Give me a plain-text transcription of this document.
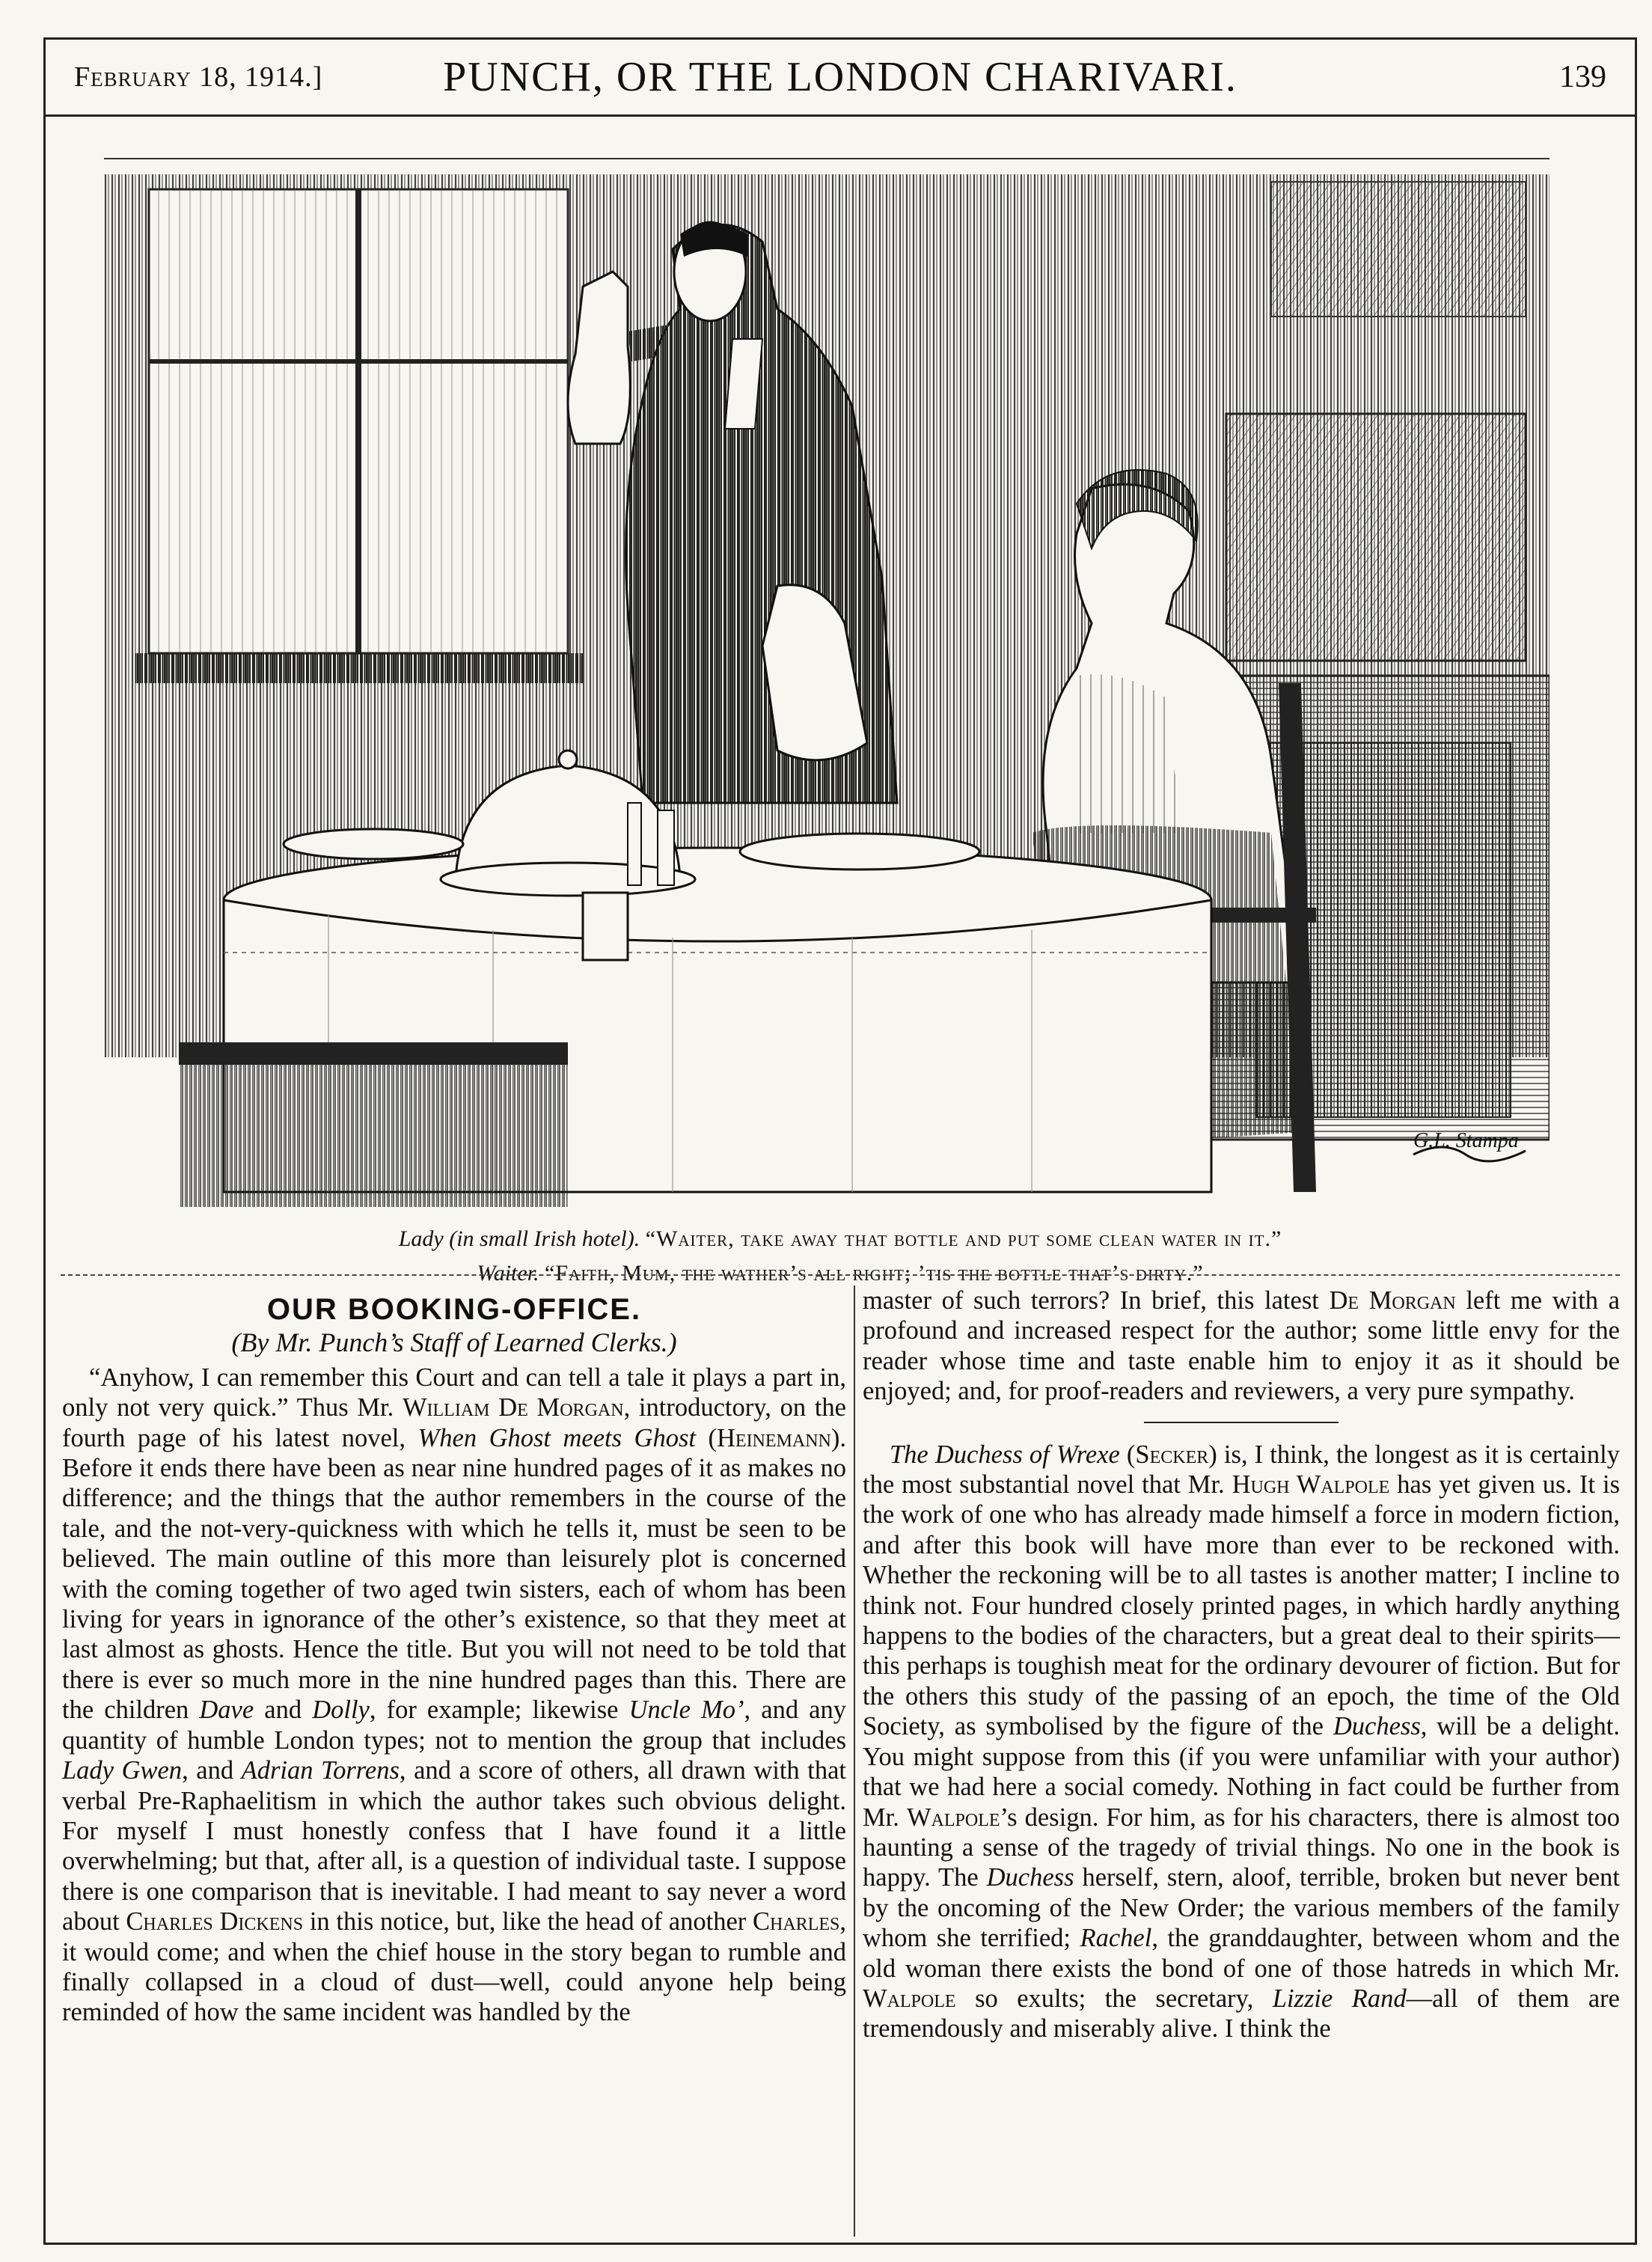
February 18, 1914.]	PUNCH, OR THE LONDON CHARIVARI.	139
G.L. Stampa
Lady (in small Irish hotel). “Waiter, take away that bottle and put some clean water in it.”
Waiter. “Faith, Mum, the wather’s all right; ’tis the bottle that’s dirty.”
OUR BOOKING-OFFICE.
(By Mr. Punch’s Staff of Learned Clerks.)

“Anyhow, I can remember this Court and can tell a tale it plays a part in, only not very quick.” Thus Mr. William De Morgan, introductory, on the fourth page of his latest novel, When Ghost meets Ghost (Heinemann). Before it ends there have been as near nine hundred pages of it as makes no difference; and the things that the author remembers in the course of the tale, and the not-very-quickness with which he tells it, must be seen to be believed. The main outline of this more than leisurely plot is concerned with the coming together of two aged twin sisters, each of whom has been living for years in ignorance of the other’s existence, so that they meet at last almost as ghosts. Hence the title. But you will not need to be told that there is ever so much more in the nine hundred pages than this. There are the children Dave and Dolly, for example; likewise Uncle Mo’, and any quantity of humble London types; not to mention the group that includes Lady Gwen, and Adrian Torrens, and a score of others, all drawn with that verbal Pre-Raphaelitism in which the author takes such obvious delight. For myself I must honestly confess that I have found it a little overwhelming; but that, after all, is a question of individual taste. I suppose there is one comparison that is inevitable. I had meant to say never a word about Charles Dickens in this notice, but, like the head of another Charles, it would come; and when the chief house in the story began to rumble and finally collapsed in a cloud of dust—well, could anyone help being reminded of how the same incident was handled by the

master of such terrors? In brief, this latest De Morgan left me with a profound and increased respect for the author; some little envy for the reader whose time and taste enable him to enjoy it as it should be enjoyed; and, for proof-readers and reviewers, a very pure sympathy.

The Duchess of Wrexe (Secker) is, I think, the longest as it is certainly the most substantial novel that Mr. Hugh Walpole has yet given us. It is the work of one who has already made himself a force in modern fiction, and after this book will have more than ever to be reckoned with. Whether the reckoning will be to all tastes is another matter; I incline to think not. Four hundred closely printed pages, in which hardly anything happens to the bodies of the characters, but a great deal to their spirits—this perhaps is toughish meat for the ordinary devourer of fiction. But for the others this study of the passing of an epoch, the time of the Old Society, as symbolised by the figure of the Duchess, will be a delight. You might suppose from this (if you were unfamiliar with your author) that we had here a social comedy. Nothing in fact could be further from Mr. Walpole’s design. For him, as for his characters, there is almost too haunting a sense of the tragedy of trivial things. No one in the book is happy. The Duchess herself, stern, aloof, terrible, broken but never bent by the oncoming of the New Order; the various members of the family whom she terrified; Rachel, the granddaughter, between whom and the old woman there exists the bond of one of those hatreds in which Mr. Walpole so exults; the secretary, Lizzie Rand—all of them are tremendously and miserably alive. I think the
